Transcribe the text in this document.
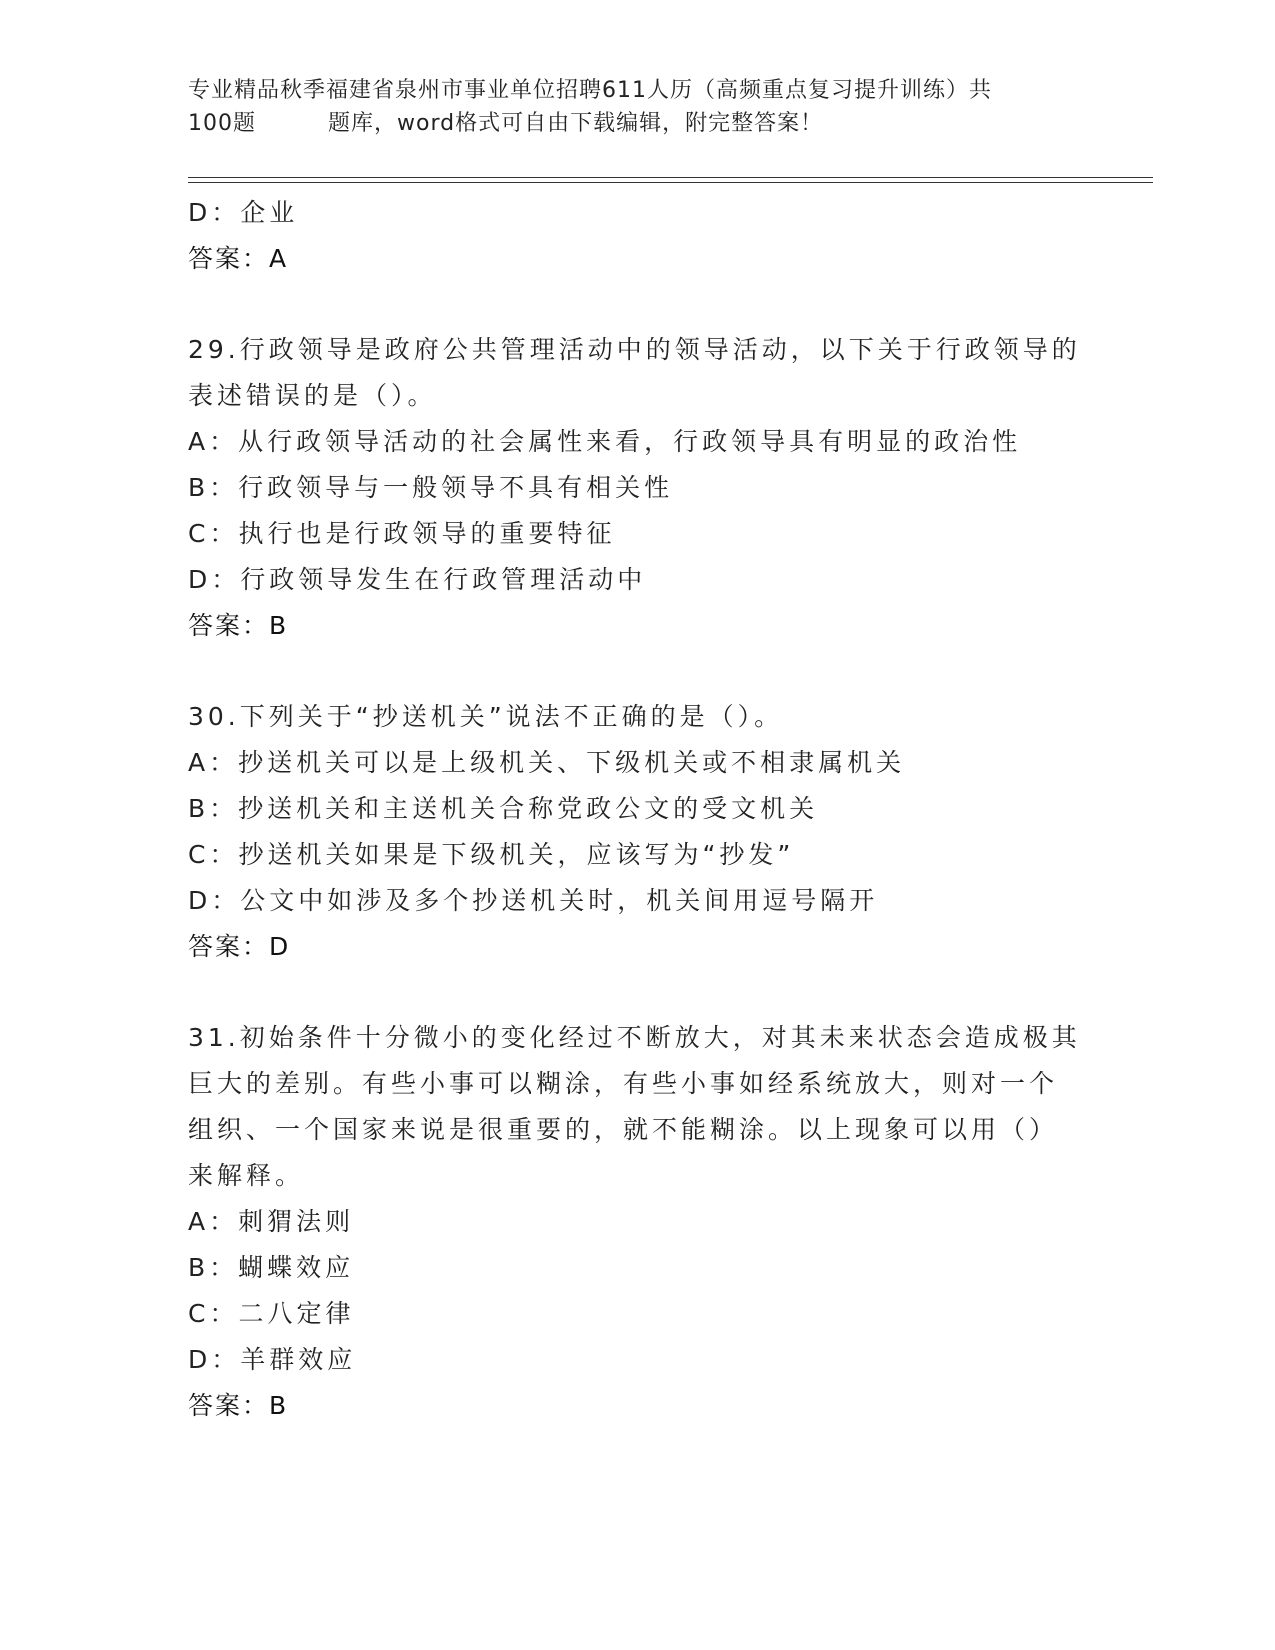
专业精品秋季福建省泉州市事业单位招聘611人历（高频重点复习提升训练）共
100题	题库，word格式可自由下载编辑，附完整答案！
D：企业
答案：A
29.行政领导是政府公共管理活动中的领导活动，以下关于行政领导的
表述错误的是（）。
A：从行政领导活动的社会属性来看，行政领导具有明显的政治性
B：行政领导与一般领导不具有相关性
C：执行也是行政领导的重要特征
D：行政领导发生在行政管理活动中
答案：B
30.下列关于“抄送机关”说法不正确的是（）。
A：抄送机关可以是上级机关、下级机关或不相隶属机关
B：抄送机关和主送机关合称党政公文的受文机关
C：抄送机关如果是下级机关，应该写为“抄发”
D：公文中如涉及多个抄送机关时，机关间用逗号隔开
答案：D
31.初始条件十分微小的变化经过不断放大，对其未来状态会造成极其
巨大的差别。有些小事可以糊涂，有些小事如经系统放大，则对一个
组织、一个国家来说是很重要的，就不能糊涂。以上现象可以用（）
来解释。
A：刺猬法则
B：蝴蝶效应
C：二八定律
D：羊群效应
答案：B
